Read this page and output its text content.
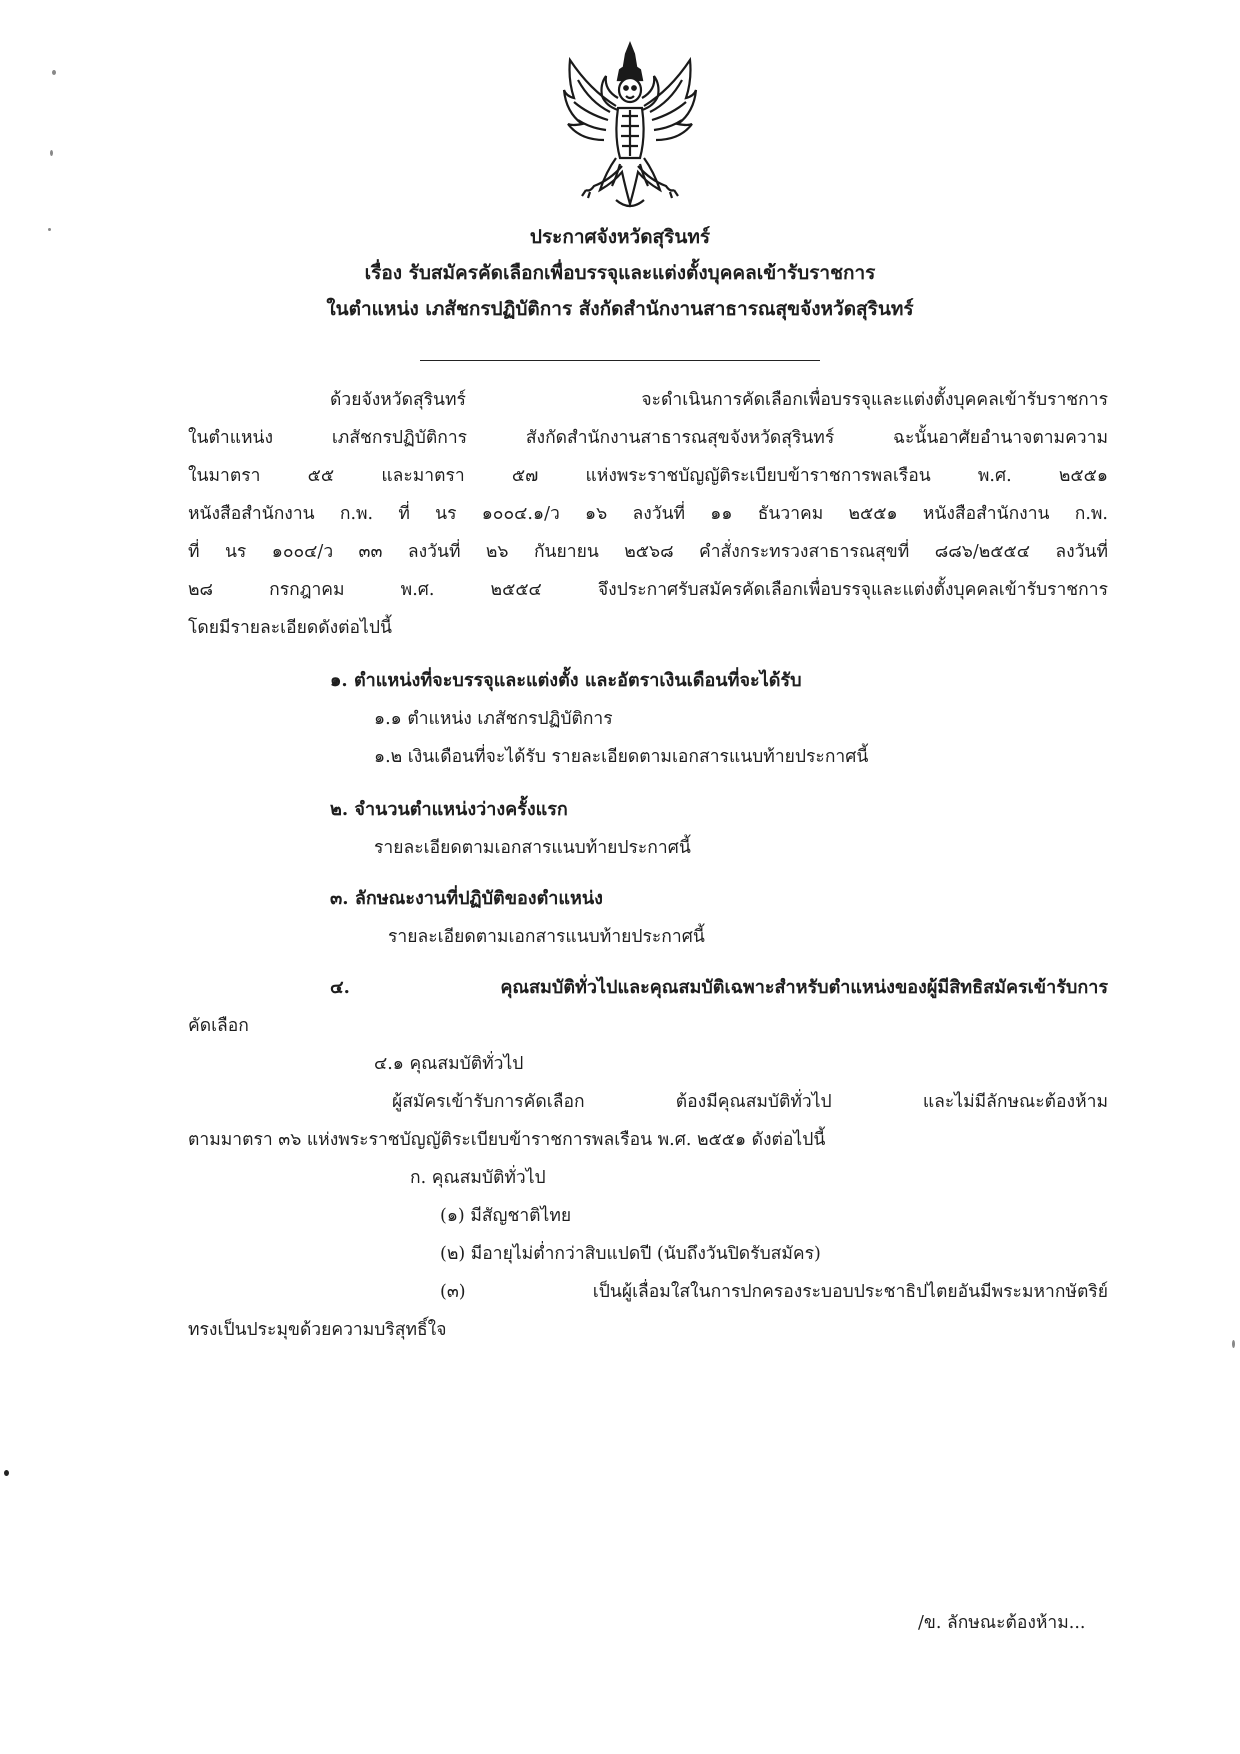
ประกาศจังหวัดสุรินทร์
เรื่อง รับสมัครคัดเลือกเพื่อบรรจุและแต่งตั้งบุคคลเข้ารับราชการ
ในตำแหน่ง เภสัชกรปฏิบัติการ สังกัดสำนักงานสาธารณสุขจังหวัดสุรินทร์
ด้วยจังหวัดสุรินทร์ จะดำเนินการคัดเลือกเพื่อบรรจุและแต่งตั้งบุคคลเข้ารับราชการ
ในตำแหน่ง เภสัชกรปฏิบัติการ สังกัดสำนักงานสาธารณสุขจังหวัดสุรินทร์ ฉะนั้นอาศัยอำนาจตามความ
ในมาตรา ๕๕ และมาตรา ๕๗ แห่งพระราชบัญญัติระเบียบข้าราชการพลเรือน พ.ศ. ๒๕๕๑
หนังสือสำนักงาน ก.พ. ที่ นร ๑๐๐๔.๑/ว ๑๖ ลงวันที่ ๑๑ ธันวาคม ๒๕๕๑ หนังสือสำนักงาน ก.พ.
ที่ นร ๑๐๐๔/ว ๓๓ ลงวันที่ ๒๖ กันยายน ๒๕๖๘ คำสั่งกระทรวงสาธารณสุขที่ ๘๘๖/๒๕๕๔ ลงวันที่
๒๘ กรกฎาคม พ.ศ. ๒๕๕๔ จึงประกาศรับสมัครคัดเลือกเพื่อบรรจุและแต่งตั้งบุคคลเข้ารับราชการ
โดยมีรายละเอียดดังต่อไปนี้
๑. ตำแหน่งที่จะบรรจุและแต่งตั้ง และอัตราเงินเดือนที่จะได้รับ
๑.๑ ตำแหน่ง เภสัชกรปฏิบัติการ
๑.๒ เงินเดือนที่จะได้รับ รายละเอียดตามเอกสารแนบท้ายประกาศนี้
๒. จำนวนตำแหน่งว่างครั้งแรก
รายละเอียดตามเอกสารแนบท้ายประกาศนี้
๓. ลักษณะงานที่ปฏิบัติของตำแหน่ง
รายละเอียดตามเอกสารแนบท้ายประกาศนี้
๔. คุณสมบัติทั่วไปและคุณสมบัติเฉพาะสำหรับตำแหน่งของผู้มีสิทธิสมัครเข้ารับการ
คัดเลือก
๔.๑ คุณสมบัติทั่วไป
ผู้สมัครเข้ารับการคัดเลือก ต้องมีคุณสมบัติทั่วไป และไม่มีลักษณะต้องห้าม
ตามมาตรา ๓๖ แห่งพระราชบัญญัติระเบียบข้าราชการพลเรือน พ.ศ. ๒๕๕๑ ดังต่อไปนี้
ก. คุณสมบัติทั่วไป
(๑) มีสัญชาติไทย
(๒) มีอายุไม่ต่ำกว่าสิบแปดปี (นับถึงวันปิดรับสมัคร)
(๓) เป็นผู้เลื่อมใสในการปกครองระบอบประชาธิปไตยอันมีพระมหากษัตริย์
ทรงเป็นประมุขด้วยความบริสุทธิ์ใจ
/ข. ลักษณะต้องห้าม...
